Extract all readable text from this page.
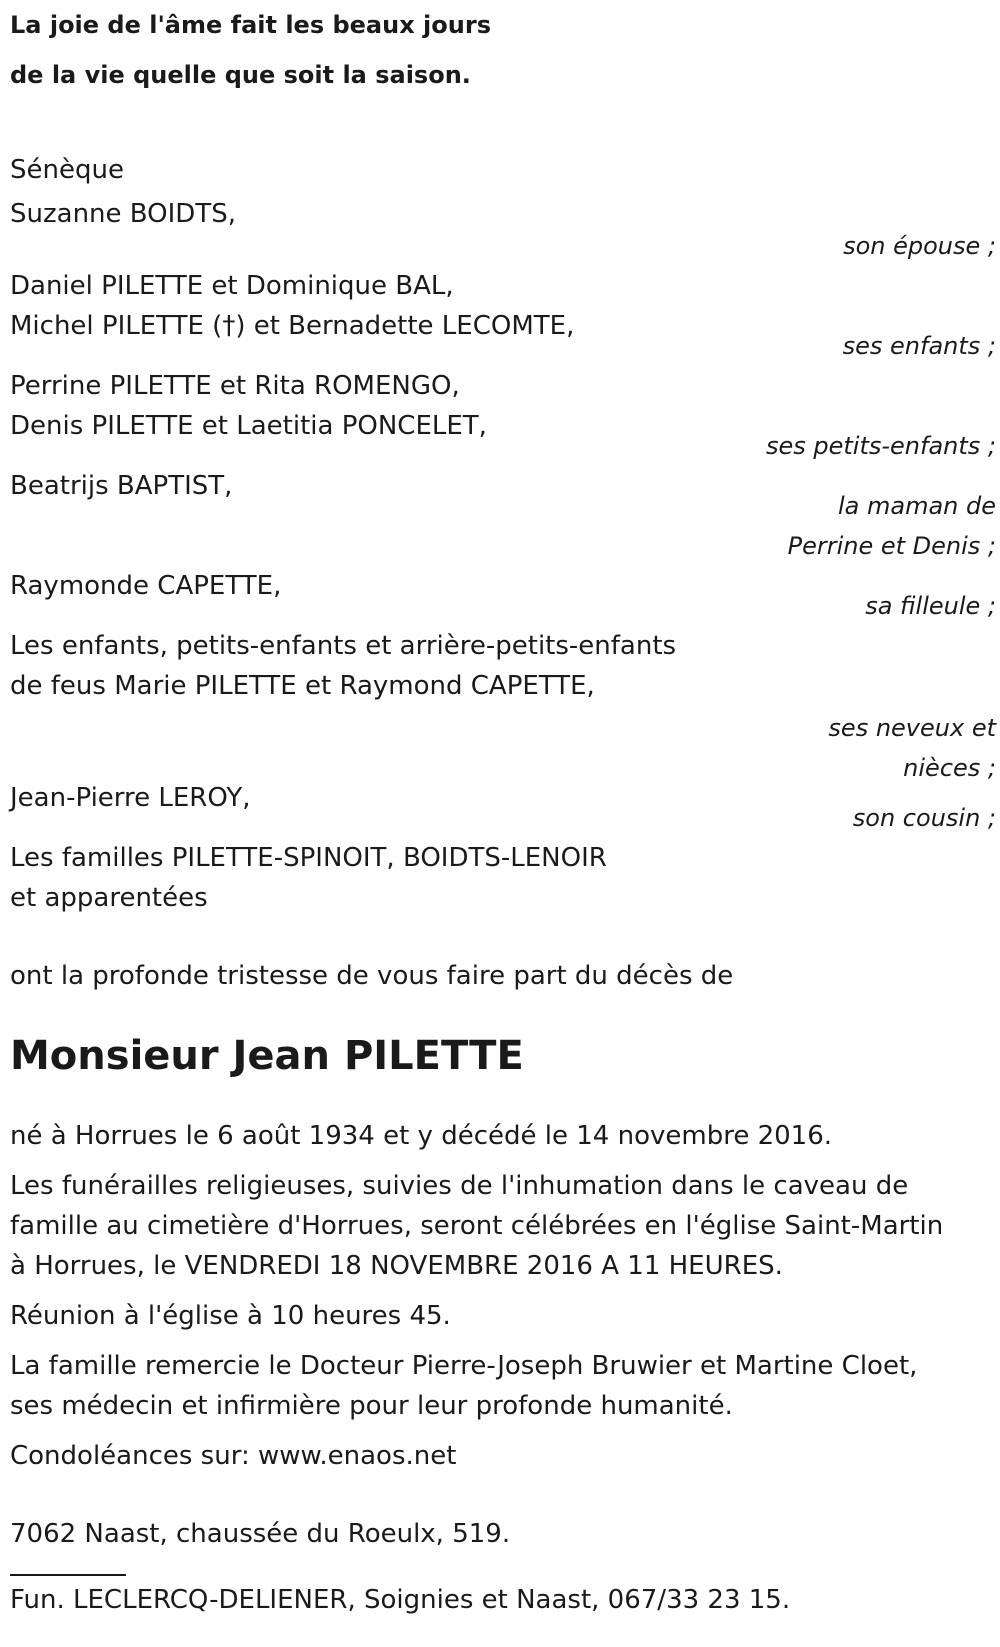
La joie de l'âme fait les beaux jours
de la vie quelle que soit la saison.

Sénèque
Suzanne BOIDTS,
son épouse ;
Daniel PILETTE et Dominique BAL,
Michel PILETTE (†) et Bernadette LECOMTE,
ses enfants ;
Perrine PILETTE et Rita ROMENGO,
Denis PILETTE et Laetitia PONCELET,
ses petits-enfants ;
Beatrijs BAPTIST,
la maman de
Perrine et Denis ;
Raymonde CAPETTE,
sa filleule ;
Les enfants, petits-enfants et arrière-petits-enfants
de feus Marie PILETTE et Raymond CAPETTE,
ses neveux et
nièces ;
Jean-Pierre LEROY,
son cousin ;
Les familles PILETTE-SPINOIT, BOIDTS-LENOIR
et apparentées
ont la profonde tristesse de vous faire part du décès de
Monsieur Jean PILETTE
né à Horrues le 6 août 1934 et y décédé le 14 novembre 2016.
Les funérailles religieuses, suivies de l'inhumation dans le caveau de
famille au cimetière d'Horrues, seront célébrées en l'église Saint-Martin
à Horrues, le VENDREDI 18 NOVEMBRE 2016 A 11 HEURES.
Réunion à l'église à 10 heures 45.
La famille remercie le Docteur Pierre-Joseph Bruwier et Martine Cloet,
ses médecin et infirmière pour leur profonde humanité.
Condoléances sur: www.enaos.net
7062 Naast, chaussée du Roeulx, 519.
Fun. LECLERCQ-DELIENER, Soignies et Naast, 067/33 23 15.
